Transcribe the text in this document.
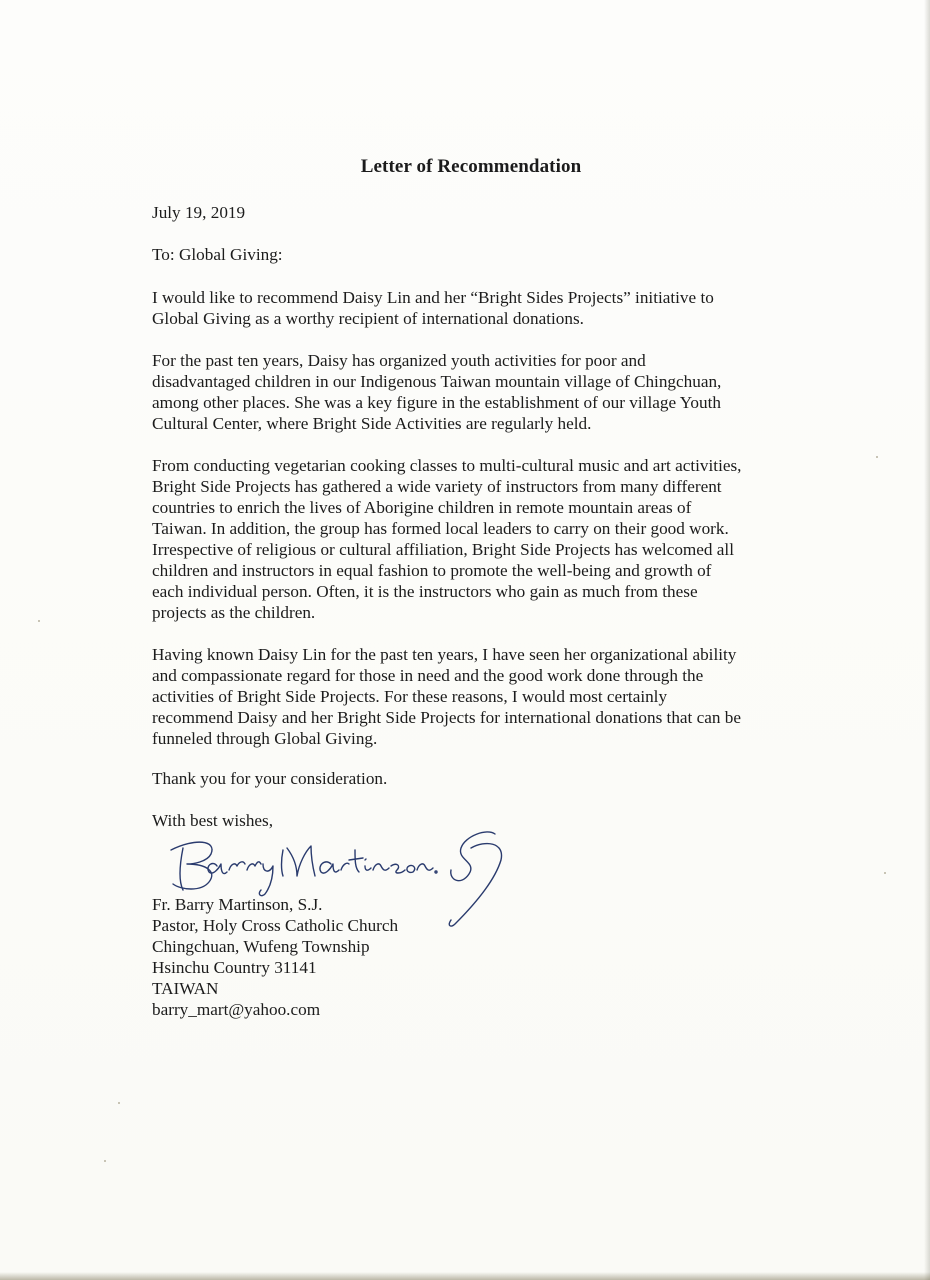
Letter of Recommendation
July 19, 2019
To: Global Giving:
I would like to recommend Daisy Lin and her “Bright Sides Projects” initiative to
Global Giving as a worthy recipient of international donations.
For the past ten years, Daisy has organized youth activities for poor and
disadvantaged children in our Indigenous Taiwan mountain village of Chingchuan,
among other places. She was a key figure in the establishment of our village Youth
Cultural Center, where Bright Side Activities are regularly held.
From conducting vegetarian cooking classes to multi-cultural music and art activities,
Bright Side Projects has gathered a wide variety of instructors from many different
countries to enrich the lives of Aborigine children in remote mountain areas of
Taiwan. In addition, the group has formed local leaders to carry on their good work.
Irrespective of religious or cultural affiliation, Bright Side Projects has welcomed all
children and instructors in equal fashion to promote the well-being and growth of
each individual person. Often, it is the instructors who gain as much from these
projects as the children.
Having known Daisy Lin for the past ten years, I have seen her organizational ability
and compassionate regard for those in need and the good work done through the
activities of Bright Side Projects. For these reasons, I would most certainly
recommend Daisy and her Bright Side Projects for international donations that can be
funneled through Global Giving.
Thank you for your consideration.
With best wishes,
Fr. Barry Martinson, S.J.
Pastor, Holy Cross Catholic Church
Chingchuan, Wufeng Township
Hsinchu Country 31141
TAIWAN
barry_mart@yahoo.com
